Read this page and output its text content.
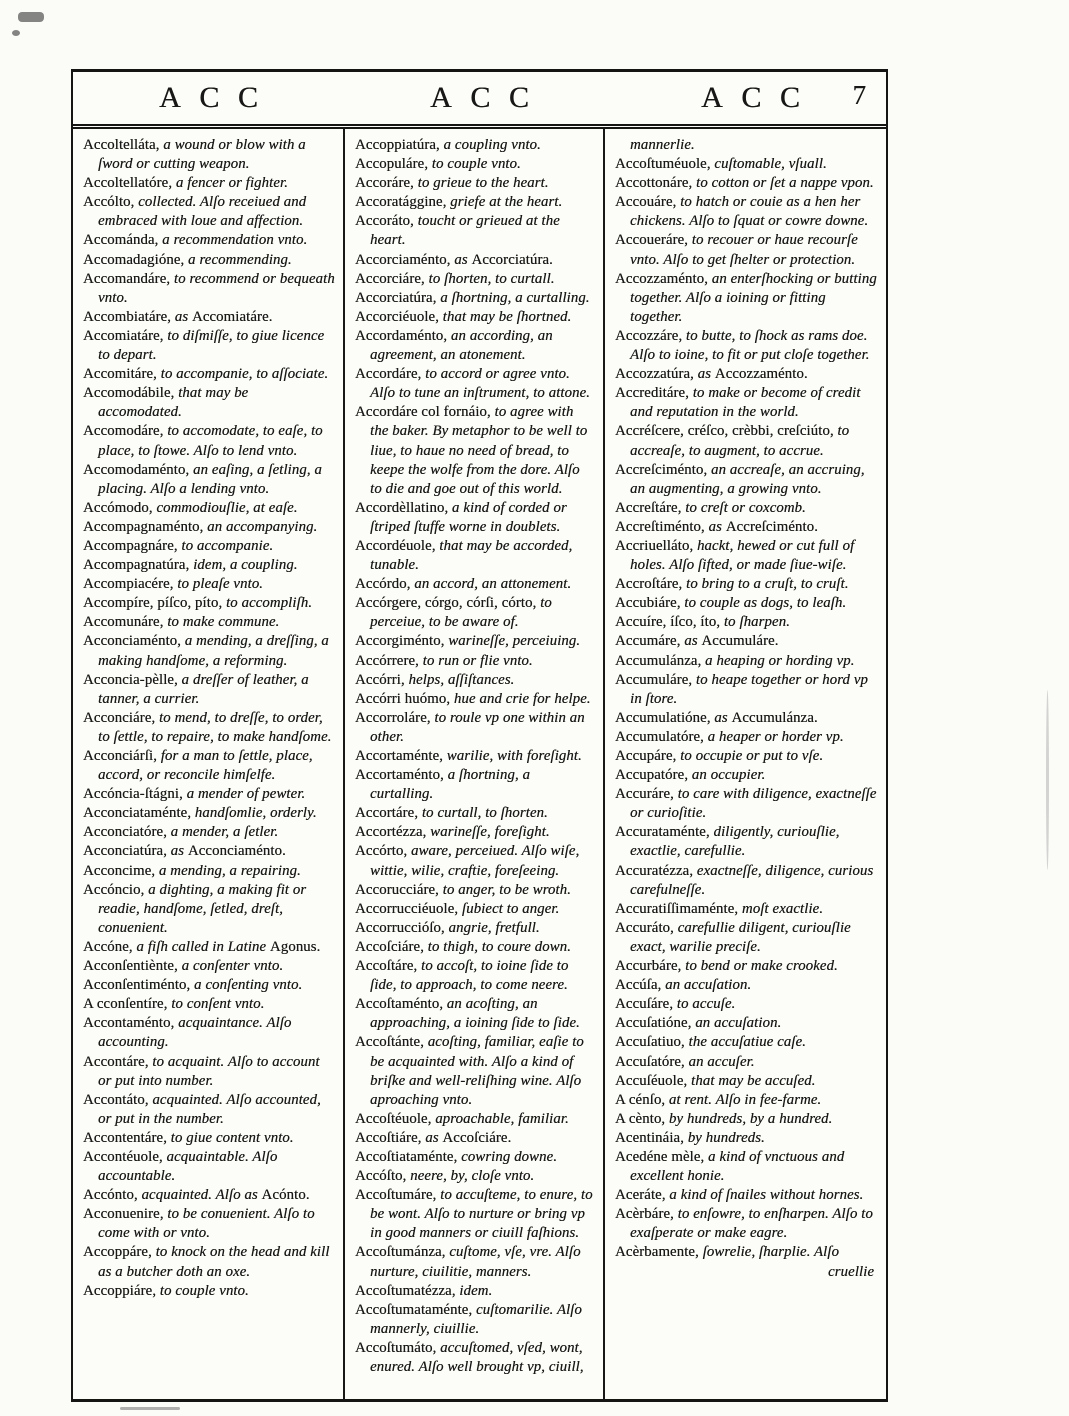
ACC	ACC	ACC	7

Accoltelláta, a wound or blow with a ſword or cutting weapon.

Accoltellatóre, a fencer or fighter.

Accólto, collected. Alſo receiued and embraced with loue and affection.

Accománda, a recommendation vnto.

Accomadagióne, a recommending.

Accomandáre, to recommend or bequeath vnto.

Accombiatáre, as Accomiatáre.

Accomiatáre, to diſmiſſe, to giue licence to depart.

Accomitáre, to accompanie, to aſſociate.

Accomodábile, that may be accomodated.

Accomodáre, to accomodate, to eaſe, to place, to ſtowe. Alſo to lend vnto.

Accomodaménto, an eaſing, a ſetling, a placing. Alſo a lending vnto.

Accómodo, commodiouſlie, at eaſe.

Accompagnaménto, an accompanying.

Accompagnáre, to accompanie.

Accompagnatúra, idem, a coupling.

Accompiacére, to pleaſe vnto.

Accompíre, píſco, píto, to accompliſh.

Accomunáre, to make commune.

Acconciaménto, a mending, a dreſſing, a making handſome, a reforming.

Acconcia-pèlle, a dreſſer of leather, a tanner, a currier.

Acconciáre, to mend, to dreſſe, to order, to ſettle, to repaire, to make handſome.

Acconciárſi, for a man to ſettle, place, accord, or reconcile himſelfe.

Accóncia-ſtágni, a mender of pewter.

Acconciataménte, handſomlie, orderly.

Acconciatóre, a mender, a ſetler.

Acconciatúra, as Acconciaménto.

Acconcime, a mending, a repairing.

Accóncio, a dighting, a making fit or readie, handſome, ſetled, dreſt, conuenient.

Accóne, a fiſh called in Latine Agonus.

Acconſentiènte, a conſenter vnto.

Acconſentiménto, a conſenting vnto.

A cconſentíre, to conſent vnto.

Accontaménto, acquaintance. Alſo accounting.

Accontáre, to acquaint. Alſo to account or put into number.

Accontáto, acquainted. Alſo accounted, or put in the number.

Accontentáre, to giue content vnto.

Accontéuole, acquaintable. Alſo accountable.

Accónto, acquainted. Alſo as Acónto.

Acconuenire, to be conuenient. Alſo to come with or vnto.

Accoppáre, to knock on the head and kill as a butcher doth an oxe.

Accoppiáre, to couple vnto.

Accoppiatúra, a coupling vnto.

Accopuláre, to couple vnto.

Accoráre, to grieue to the heart.

Accoratággine, griefe at the heart.

Accoráto, toucht or grieued at the heart.

Accorciaménto, as Accorciatúra.

Accorciáre, to ſhorten, to curtall.

Accorciatúra, a ſhortning, a curtalling.

Accorciéuole, that may be ſhortned.

Accordaménto, an according, an agreement, an atonement.

Accordáre, to accord or agree vnto. Alſo to tune an inſtrument, to attone.

Accordáre col fornáio, to agree with the baker. By metaphor to be well to liue, to haue no need of bread, to keepe the wolfe from the dore. Alſo to die and goe out of this world.

Accordèllatino, a kind of corded or ſtriped ſtuffe worne in doublets.

Accordéuole, that may be accorded, tunable.

Accórdo, an accord, an attonement.

Accórgere, córgo, córſi, córto, to perceiue, to be aware of.

Accorgiménto, warineſſe, perceiuing.

Accórrere, to run or flie vnto.

Accórri, helps, aſſiſtances.

Accórri huómo, hue and crie for helpe.

Accorroláre, to roule vp one within an other.

Accortaménte, warilie, with foreſight.

Accortaménto, a ſhortning, a curtalling.

Accortáre, to curtall, to ſhorten.

Accortézza, warineſſe, foreſight.

Accórto, aware, perceiued. Alſo wiſe, wittie, wilie, craftie, foreſeeing.

Accorucciáre, to anger, to be wroth.

Accorrucciéuole, ſubiect to anger.

Accorruccióſo, angrie, fretfull.

Accoſciáre, to thigh, to coure down.

Accoſtáre, to accoſt, to ioine ſide to ſide, to approach, to come neere.

Accoſtaménto, an acoſting, an approaching, a ioining ſide to ſide.

Accoſtánte, acoſting, familiar, eaſie to be acquainted with. Alſo a kind of briſke and well-reliſhing wine. Alſo aproaching vnto.

Accoſtéuole, aproachable, familiar.

Accoſtiáre, as Accoſciáre.

Accoſtiataménte, cowring downe.

Accóſto, neere, by, cloſe vnto.

Accoſtumáre, to accuſteme, to enure, to be wont. Alſo to nurture or bring vp in good manners or ciuill faſhions.

Accoſtumánza, cuſtome, vſe, vre. Alſo nurture, ciuilitie, manners.

Accoſtumatézza, idem.

Accoſtumataménte, cuſtomarilie. Alſo mannerly, ciuillie.

Accoſtumáto, accuſtomed, vſed, wont, enured. Alſo well brought vp, ciuill,

mannerlie.

Accoſtuméuole, cuſtomable, vſuall.

Accottonáre, to cotton or ſet a nappe vpon.

Accouáre, to hatch or couie as a hen her chickens. Alſo to ſquat or cowre downe.

Accoueráre, to recouer or haue recourſe vnto. Alſo to get ſhelter or protection.

Accozzaménto, an enterſhocking or butting together. Alſo a ioining or fitting together.

Accozzáre, to butte, to ſhock as rams doe. Alſo to ioine, to fit or put cloſe together.

Accozzatúra, as Accozzaménto.

Accreditáre, to make or become of credit and reputation in the world.

Accréſcere, créſco, crèbbi, creſciúto, to accreaſe, to augment, to accrue.

Accreſciménto, an accreaſe, an accruing, an augmenting, a growing vnto.

Accreſtáre, to creſt or coxcomb.

Accreſtiménto, as Accreſciménto.

Accriuelláto, hackt, hewed or cut full of holes. Alſo ſifted, or made ſiue-wiſe.

Accroſtáre, to bring to a cruſt, to cruſt.

Accubiáre, to couple as dogs, to leaſh.

Accuíre, íſco, íto, to ſharpen.

Accumáre, as Accumuláre.

Accumulánza, a heaping or hording vp.

Accumuláre, to heape together or hord vp in ſtore.

Accumulatióne, as Accumulánza.

Accumulatóre, a heaper or horder vp.

Accupáre, to occupie or put to vſe.

Accupatóre, an occupier.

Accuráre, to care with diligence, exactneſſe or curioſitie.

Accurataménte, diligently, curiouſlie, exactlie, carefullie.

Accuratézza, exactneſſe, diligence, curious carefulneſſe.

Accuratiſſimaménte, moſt exactlie.

Accuráto, carefullie diligent, curiouſlie exact, warilie preciſe.

Accurbáre, to bend or make crooked.

Accúſa, an accuſation.

Accuſáre, to accuſe.

Accuſatióne, an accuſation.

Accuſatiuo, the accuſatiue caſe.

Accuſatóre, an accuſer.

Accuſéuole, that may be accuſed.

A cénſo, at rent. Alſo in fee-farme.

A cènto, by hundreds, by a hundred.

Acentináia, by hundreds.

Acedéne mèle, a kind of vnctuous and excellent honie.

Aceráte, a kind of ſnailes without hornes.

Acèrbáre, to enſowre, to enſharpen. Alſo to exaſperate or make eagre.

Acèrbamente, ſowrelie, ſharplie. Alſo

cruellie
